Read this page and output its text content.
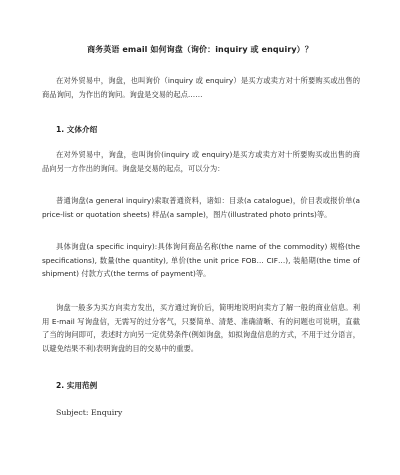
商务英语 email 如何询盘（询价：inquiry 或 enquiry）？
在对外贸易中，询盘，也叫询价（inquiry 或 enquiry）是买方或卖方对十所要购买或出售的商品询问，为作出的询问。询盘是交易的起点……
1. 文体介绍
在对外贸易中，询盘，也叫询价(inquiry 或 enquiry)是买方或卖方对十所要购买或出售的商品向另一方作出的询问。询盘是交易的起点，可以分为：
普通询盘(a general inquiry)索取普通资料，诸如：目录(a catalogue)，价目表或报价单(a price-list or quotation sheets) 样品(a sample)，图片(illustrated photo prints)等。
具体询盘(a specific inquiry):具体询问商品名称(the name of the commodity) 规格(the specifications), 数量(the quantity), 单价(the unit price FOB… CIF…), 装船期(the time of shipment) 付款方式(the terms of payment)等。
询盘一般多为买方向卖方发出，买方通过询价后，简明地说明向卖方了解一般的商业信息。利用 E-mail 写询盘信，无需写的过分客气，只要简单、清楚、准确清晰、有的问题也可说明，直截了当的询问即可，表述时方向另一定优势条件(例如询盘，如拟询盘信息的方式，不用于过分语言，以避免结果不利)表明询盘的目的交易中的重要。
2. 实用范例
Subject: Enquiry
